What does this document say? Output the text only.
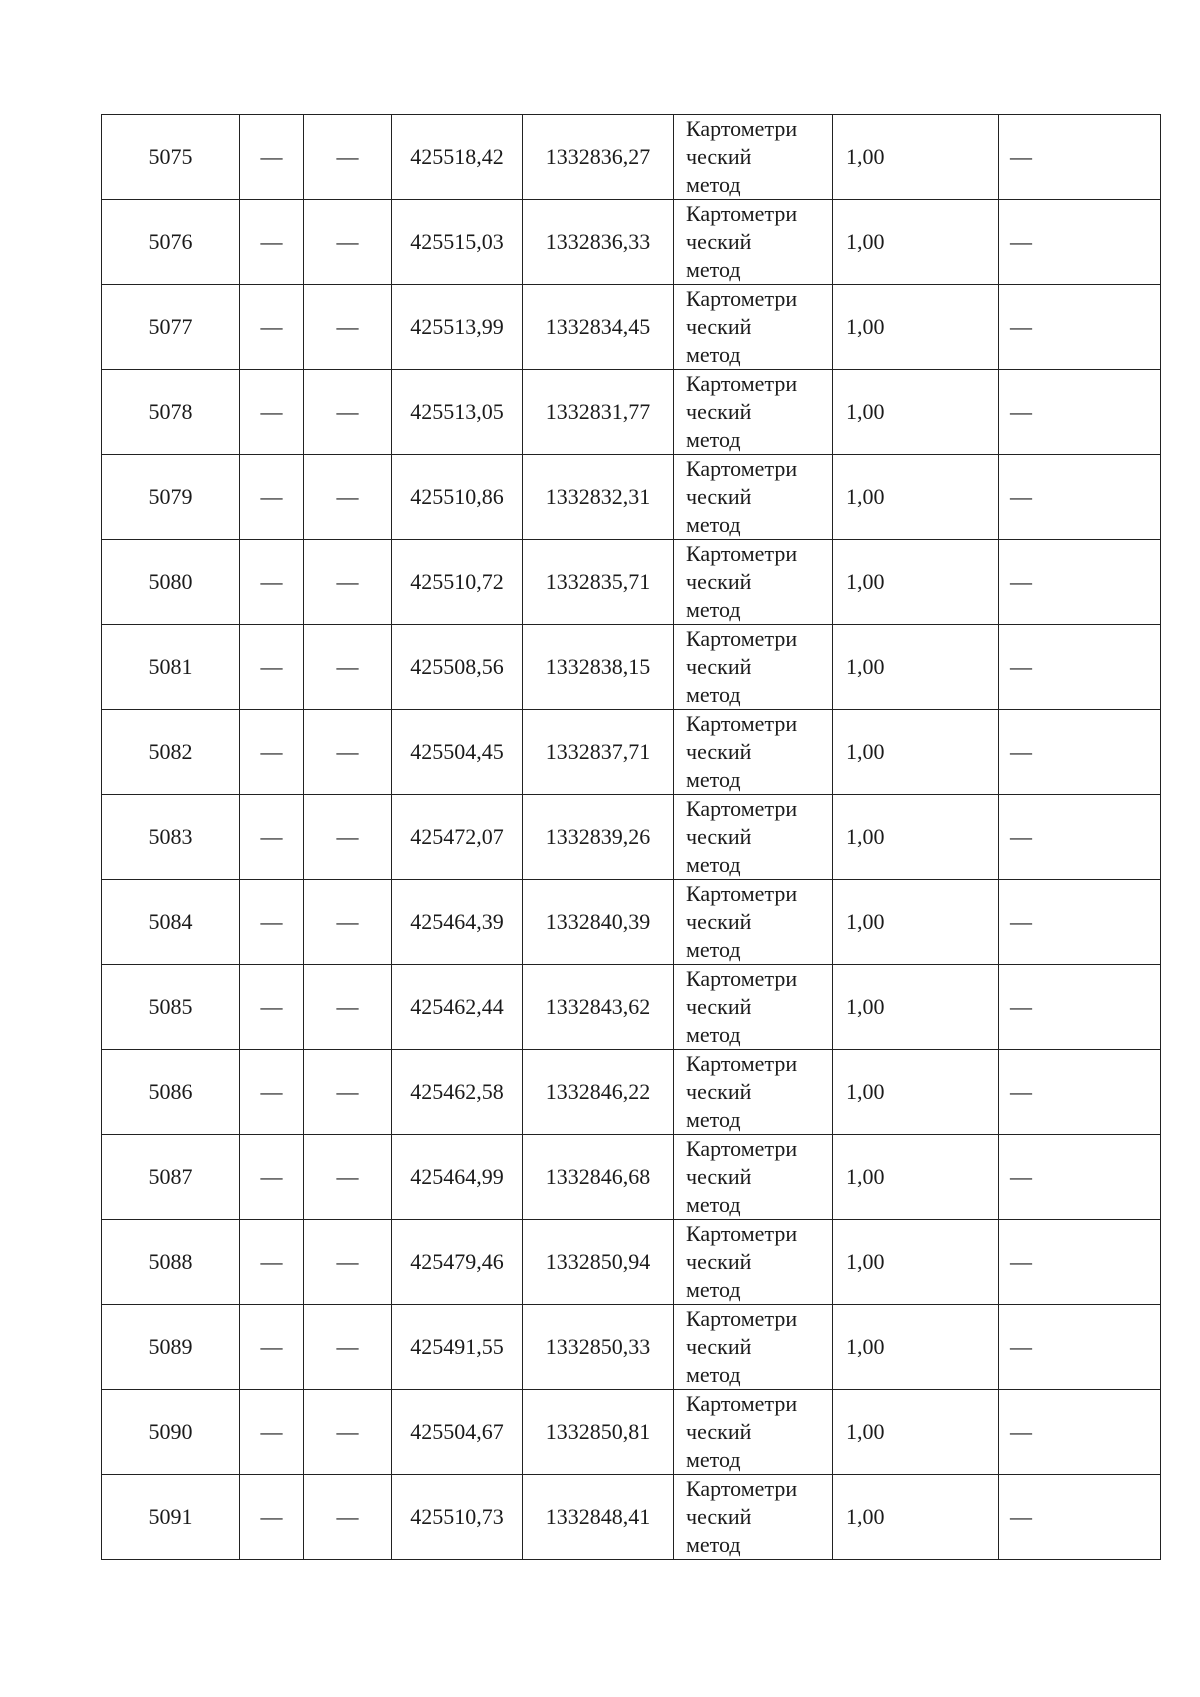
5075	—	—	425518,42	1332836,27	Картометри
ческий
метод	1,00	—
5076	—	—	425515,03	1332836,33	Картометри
ческий
метод	1,00	—
5077	—	—	425513,99	1332834,45	Картометри
ческий
метод	1,00	—
5078	—	—	425513,05	1332831,77	Картометри
ческий
метод	1,00	—
5079	—	—	425510,86	1332832,31	Картометри
ческий
метод	1,00	—
5080	—	—	425510,72	1332835,71	Картометри
ческий
метод	1,00	—
5081	—	—	425508,56	1332838,15	Картометри
ческий
метод	1,00	—
5082	—	—	425504,45	1332837,71	Картометри
ческий
метод	1,00	—
5083	—	—	425472,07	1332839,26	Картометри
ческий
метод	1,00	—
5084	—	—	425464,39	1332840,39	Картометри
ческий
метод	1,00	—
5085	—	—	425462,44	1332843,62	Картометри
ческий
метод	1,00	—
5086	—	—	425462,58	1332846,22	Картометри
ческий
метод	1,00	—
5087	—	—	425464,99	1332846,68	Картометри
ческий
метод	1,00	—
5088	—	—	425479,46	1332850,94	Картометри
ческий
метод	1,00	—
5089	—	—	425491,55	1332850,33	Картометри
ческий
метод	1,00	—
5090	—	—	425504,67	1332850,81	Картометри
ческий
метод	1,00	—
5091	—	—	425510,73	1332848,41	Картометри
ческий
метод	1,00	—
